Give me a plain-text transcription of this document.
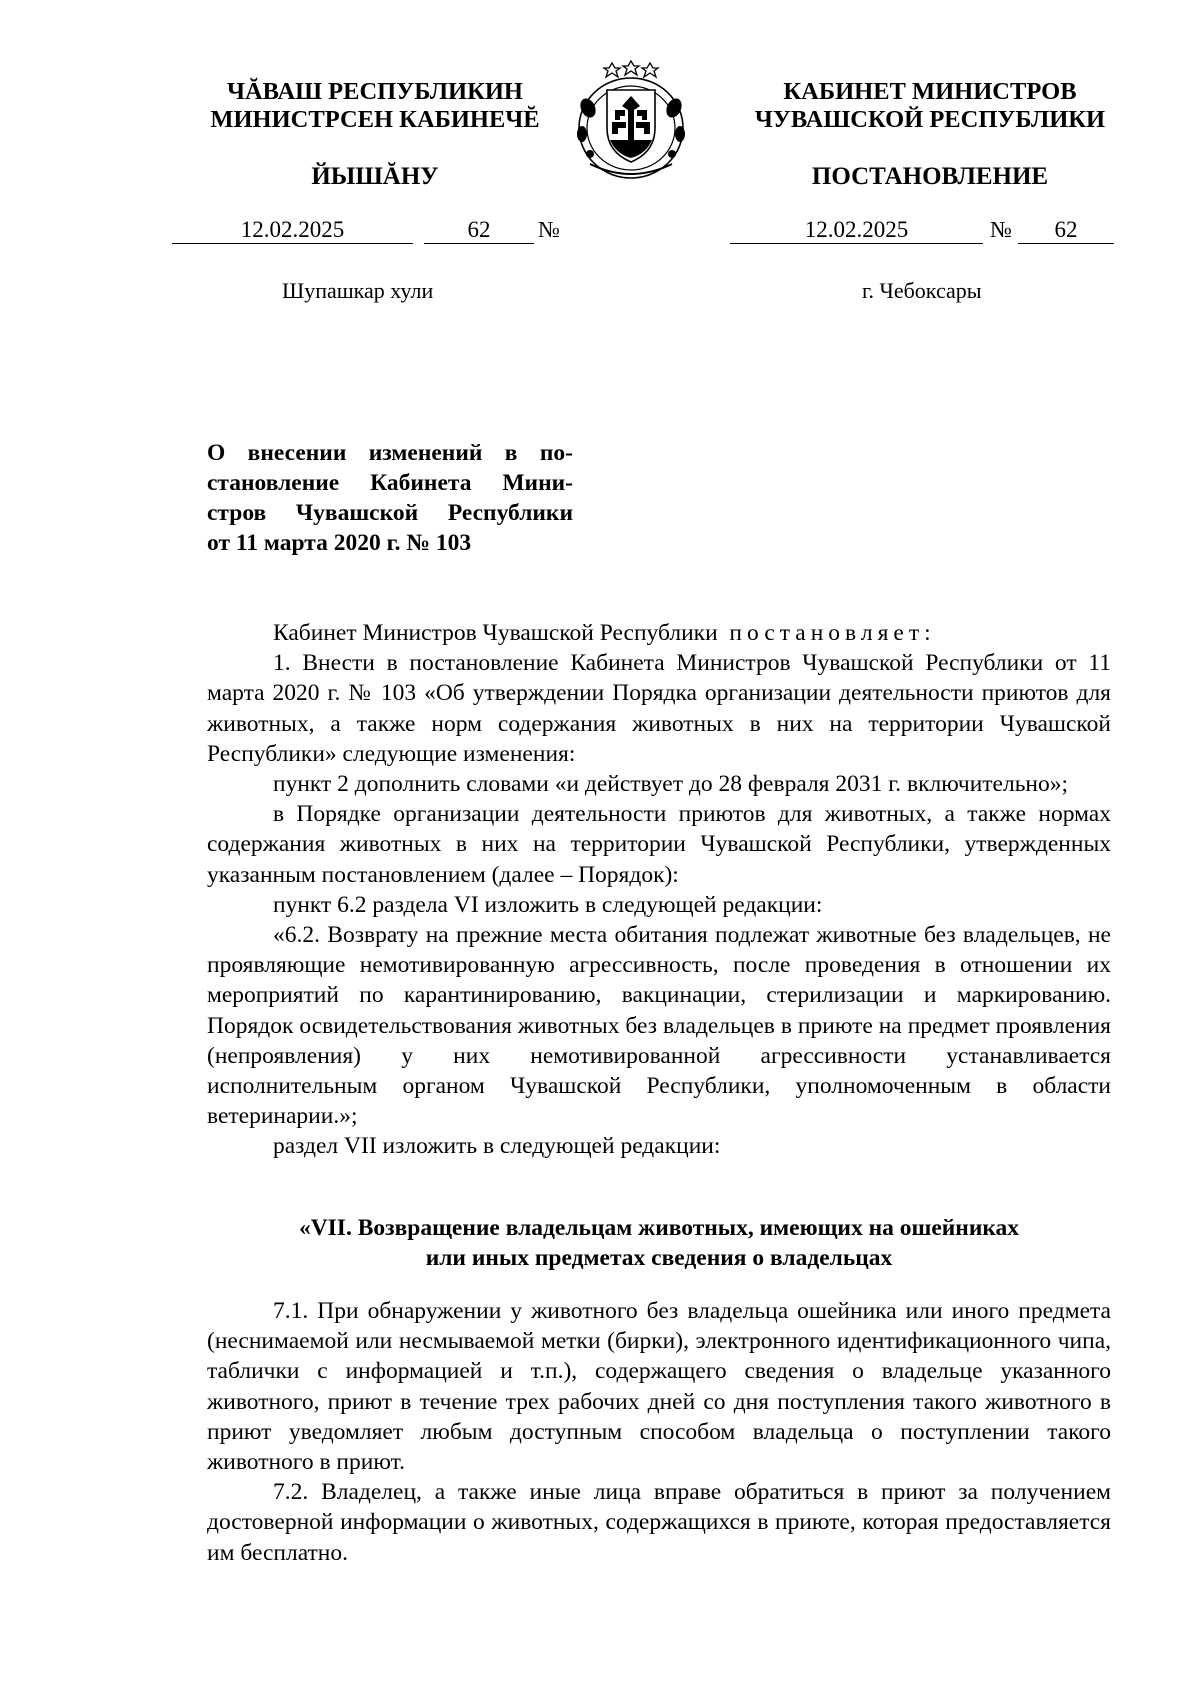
ЧĂВАШ РЕСПУБЛИКИН
МИНИСТРСЕН КАБИНЕЧĔ
ЙЫШĂНУ
КАБИНЕТ МИНИСТРОВ
ЧУВАШСКОЙ РЕСПУБЛИКИ
ПОСТАНОВЛЕНИЕ
12.02.2025	62	№	12.02.2025	№	62
Шупашкар хули	г. Чебоксары
О внесении изменений в по-
становление Кабинета Мини-
стров Чувашской Республики
от 11 марта 2020 г. № 103

Кабинет Министров Чувашской Республики постановляет:

1. Внести в постановление Кабинета Министров Чувашской Республики от 11 марта 2020 г. № 103 «Об утверждении Порядка организации деятельности приютов для животных, а также норм содержания животных в них на территории Чувашской Республики» следующие изменения:

пункт 2 дополнить словами «и действует до 28 февраля 2031 г. включительно»;

в Порядке организации деятельности приютов для животных, а также нормах содержания животных в них на территории Чувашской Республики, утвержденных указанным постановлением (далее – Порядок):

пункт 6.2 раздела VI изложить в следующей редакции:

«6.2. Возврату на прежние места обитания подлежат животные без владельцев, не проявляющие немотивированную агрессивность, после проведения в отношении их мероприятий по карантинированию, вакцинации, стерилизации и маркированию. Порядок освидетельствования животных без владельцев в приюте на предмет проявления (непроявления) у них немотивированной агрессивности устанавливается исполнительным органом Чувашской Республики, уполномоченным в области ветеринарии.»;

раздел VII изложить в следующей редакции:

«VII. Возвращение владельцам животных, имеющих на ошейниках
или иных предметах сведения о владельцах

7.1. При обнаружении у животного без владельца ошейника или иного предмета (неснимаемой или несмываемой метки (бирки), электронного идентификационного чипа, таблички с информацией и т.п.), содержащего сведения о владельце указанного животного, приют в течение трех рабочих дней со дня поступления такого животного в приют уведомляет любым доступным способом владельца о поступлении такого животного в приют.

7.2. Владелец, а также иные лица вправе обратиться в приют за получением достоверной информации о животных, содержащихся в приюте, которая предоставляется им бесплатно.
